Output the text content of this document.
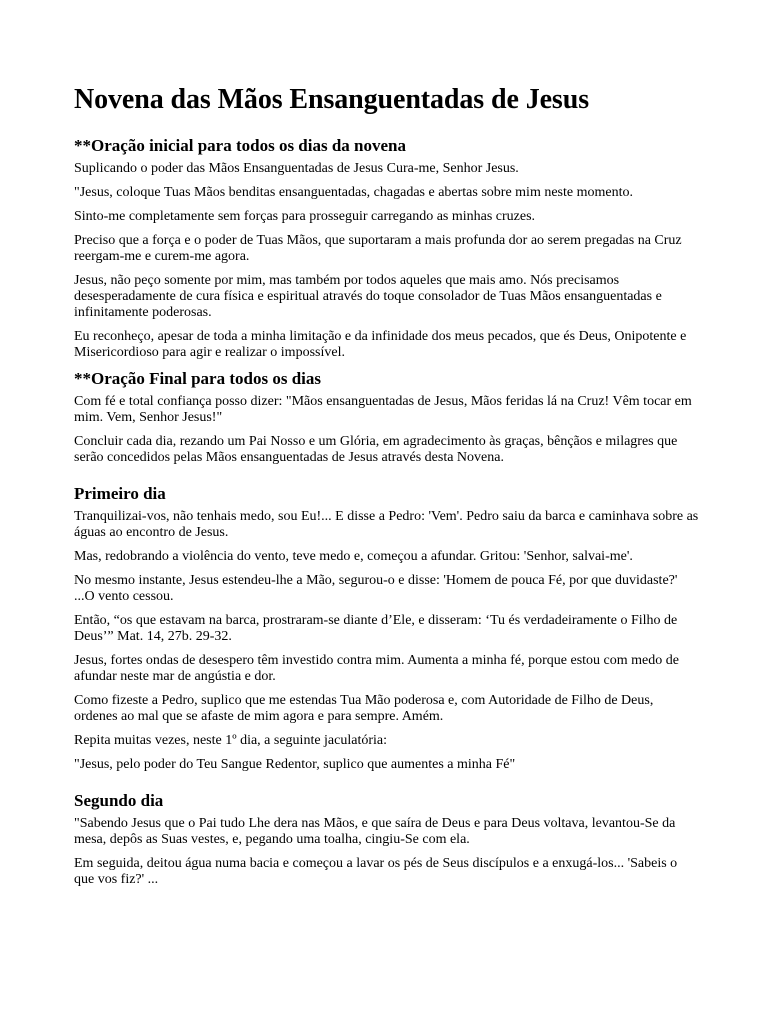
Novena das Mãos Ensanguentadas de Jesus
**Oração inicial para todos os dias da novena

Suplicando o poder das Mãos Ensanguentadas de Jesus Cura-me, Senhor Jesus.

"Jesus, coloque Tuas Mãos benditas ensanguentadas, chagadas e abertas sobre mim neste momento.

Sinto-me completamente sem forças para prosseguir carregando as minhas cruzes.

Preciso que a força e o poder de Tuas Mãos, que suportaram a mais profunda dor ao serem pregadas na Cruz reergam-me e curem-me agora.

Jesus, não peço somente por mim, mas também por todos aqueles que mais amo. Nós precisamos desesperadamente de cura física e espiritual através do toque consolador de Tuas Mãos ensanguentadas e infinitamente poderosas.

Eu reconheço, apesar de toda a minha limitação e da infinidade dos meus pecados, que és Deus, Onipotente e Misericordioso para agir e realizar o impossível.

**Oração Final para todos os dias

Com fé e total confiança posso dizer: "Mãos ensanguentadas de Jesus, Mãos feridas lá na Cruz! Vêm tocar em mim. Vem, Senhor Jesus!"

Concluir cada dia, rezando um Pai Nosso e um Glória, em agradecimento às graças, bênçãos e milagres que serão concedidos pelas Mãos ensanguentadas de Jesus através desta Novena.

Primeiro dia

Tranquilizai-vos, não tenhais medo, sou Eu!... E disse a Pedro: 'Vem'. Pedro saiu da barca e caminhava sobre as águas ao encontro de Jesus.

Mas, redobrando a violência do vento, teve medo e, começou a afundar. Gritou: 'Senhor, salvai-me'.

No mesmo instante, Jesus estendeu-lhe a Mão, segurou-o e disse: 'Homem de pouca Fé, por que duvidaste?' ...O vento cessou.

Então, “os que estavam na barca, prostraram-se diante d’Ele, e disseram: ‘Tu és verdadeiramente o Filho de Deus’” Mat. 14, 27b. 29-32.

Jesus, fortes ondas de desespero têm investido contra mim. Aumenta a minha fé, porque estou com medo de afundar neste mar de angústia e dor.

Como fizeste a Pedro, suplico que me estendas Tua Mão poderosa e, com Autoridade de Filho de Deus, ordenes ao mal que se afaste de mim agora e para sempre. Amém.

Repita muitas vezes, neste 1º dia, a seguinte jaculatória:

"Jesus, pelo poder do Teu Sangue Redentor, suplico que aumentes a minha Fé"

Segundo dia

"Sabendo Jesus que o Pai tudo Lhe dera nas Mãos, e que saíra de Deus e para Deus voltava, levantou-Se da mesa, depôs as Suas vestes, e, pegando uma toalha, cingiu-Se com ela.

Em seguida, deitou água numa bacia e começou a lavar os pés de Seus discípulos e a enxugá-los... 'Sabeis o que vos fiz?' ...
